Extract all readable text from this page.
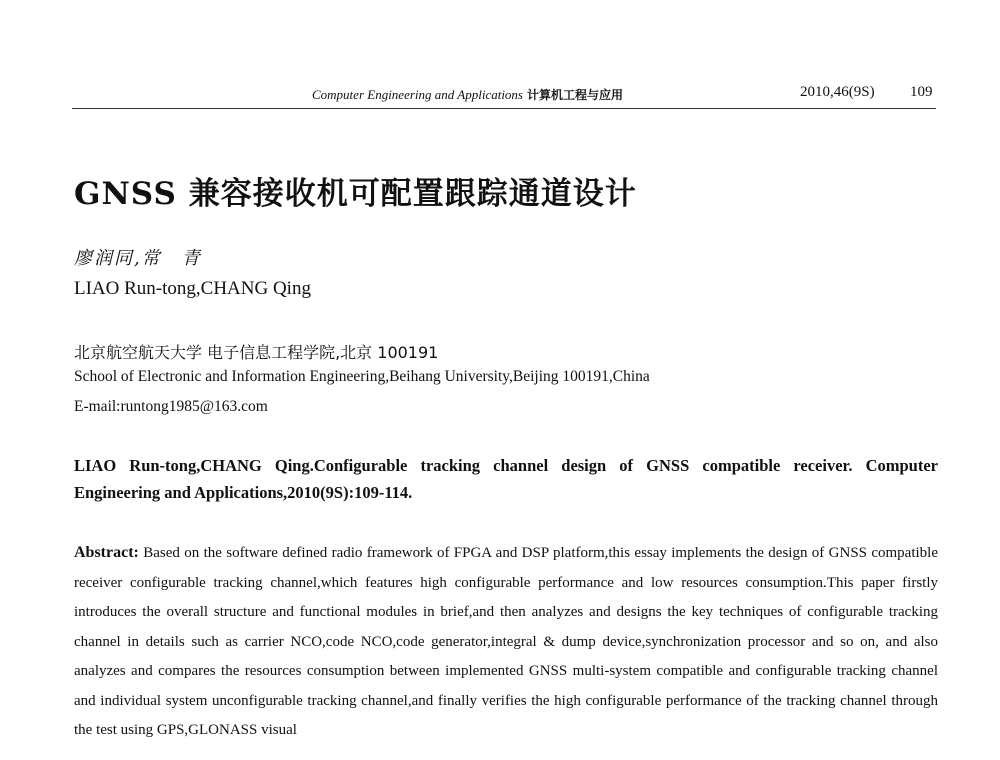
Computer Engineering and Applications 计算机工程与应用	2010,46(9S) 109
GNSS 兼容接收机可配置跟踪通道设计
廖润同,常　青
LIAO Run-tong,CHANG Qing
北京航空航天大学 电子信息工程学院,北京 100191
School of Electronic and Information Engineering,Beihang University,Beijing 100191,China
E-mail:runtong1985@163.com

LIAO Run-tong,CHANG Qing.Configurable tracking channel design of GNSS compatible receiver. Computer Engineering and Applications,2010(9S):109-114.

Abstract: Based on the software defined radio framework of FPGA and DSP platform,this essay implements the design of GNSS compatible receiver configurable tracking channel,which features high configurable performance and low resources consumption.This paper firstly introduces the overall structure and functional modules in brief,and then analyzes and designs the key techniques of configurable tracking channel in details such as carrier NCO,code NCO,code generator,integral & dump device,synchronization processor and so on, and also analyzes and compares the resources consumption between implemented GNSS multi-system compatible and configurable tracking channel and individual system unconfigurable tracking channel,and finally verifies the high configurable performance of the tracking channel through the test using GPS,GLONASS visual
